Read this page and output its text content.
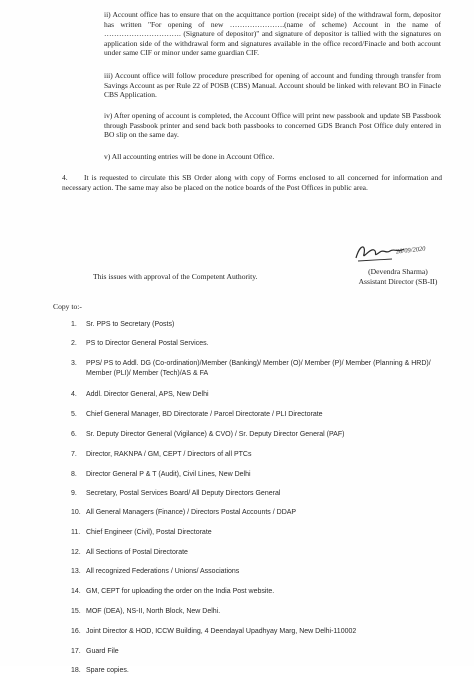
ii) Account office has to ensure that on the acquittance portion (receipt side) of the withdrawal form, depositor has written "For opening of new ………………….(name of scheme) Account in the name of …………………………. (Signature of depositor)" and signature of depositor is tallied with the signatures on application side of the withdrawal form and signatures available in the office record/Finacle and both account under same CIF or minor under same guardian CIF.
iii) Account office will follow procedure prescribed for opening of account and funding through transfer from Savings Account as per Rule 22 of POSB (CBS) Manual. Account should be linked with relevant BO in Finacle CBS Application.
iv) After opening of account is completed, the Account Office will print new passbook and update SB Passbook through Passbook printer and send back both passbooks to concerned GDS Branch Post Office duly entered in BO slip on the same day.
v) All accounting entries will be done in Account Office.
4. It is requested to circulate this SB Order along with copy of Forms enclosed to all concerned for information and necessary action. The same may also be placed on the notice boards of the Post Offices in public area.
This issues with approval of the Competent Authority.
28/09/2020
(Devendra Sharma)
Assistant Director (SB-II)
Copy to:-
1. Sr. PPS to Secretary (Posts)
2. PS to Director General Postal Services.
3. PPS/ PS to Addl. DG (Co-ordination)/Member (Banking)/ Member (O)/ Member (P)/ Member (Planning & HRD)/ Member (PLI)/ Member (Tech)/AS & FA
4. Addl. Director General, APS, New Delhi
5. Chief General Manager, BD Directorate / Parcel Directorate / PLI Directorate
6. Sr. Deputy Director General (Vigilance) & CVO) / Sr. Deputy Director General (PAF)
7. Director, RAKNPA / GM, CEPT / Directors of all PTCs
8. Director General P & T (Audit), Civil Lines, New Delhi
9. Secretary, Postal Services Board/ All Deputy Directors General
10. All General Managers (Finance) / Directors Postal Accounts / DDAP
11. Chief Engineer (Civil), Postal Directorate
12. All Sections of Postal Directorate
13. All recognized Federations / Unions/ Associations
14. GM, CEPT for uploading the order on the India Post website.
15. MOF (DEA), NS-II, North Block, New Delhi.
16. Joint Director & HOD, ICCW Building, 4 Deendayal Upadhyay Marg, New Delhi-110002
17. Guard File
18. Spare copies.
